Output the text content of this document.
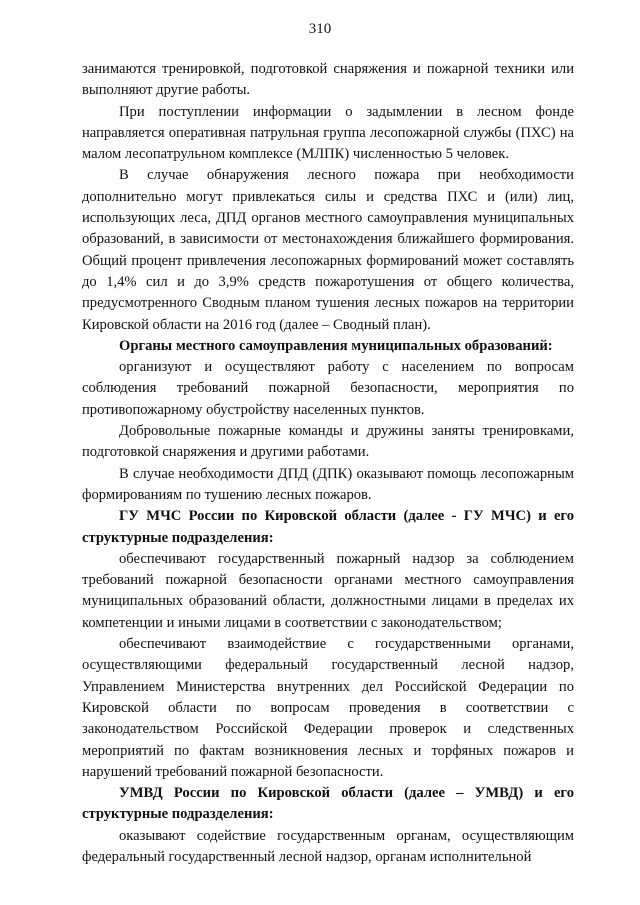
310

занимаются тренировкой, подготовкой снаряжения и пожарной техники или выполняют другие работы.

При поступлении информации о задымлении в лесном фонде направляется оперативная патрульная группа лесопожарной службы (ПХС) на малом лесопатрульном комплексе (МЛПК) численностью 5 человек.

В случае обнаружения лесного пожара при необходимости дополнительно могут привлекаться силы и средства ПХС и (или) лиц, использующих леса, ДПД органов местного самоуправления муниципальных образований, в зависимости от местонахождения ближайшего формирования. Общий процент привлечения лесопожарных формирований может составлять до 1,4% сил и до 3,9% средств пожаротушения от общего количества, предусмотренного Сводным планом тушения лесных пожаров на территории Кировской области на 2016 год (далее – Сводный план).

Органы местного самоуправления муниципальных образований:

организуют и осуществляют работу с населением по вопросам соблюдения требований пожарной безопасности, мероприятия по противопожарному обустройству населенных пунктов.

Добровольные пожарные команды и дружины заняты тренировками, подготовкой снаряжения и другими работами.

В случае необходимости ДПД (ДПК) оказывают помощь лесопожарным формированиям по тушению лесных пожаров.

ГУ МЧС России по Кировской области (далее - ГУ МЧС) и его структурные подразделения:

обеспечивают государственный пожарный надзор за соблюдением требований пожарной безопасности органами местного самоуправления муниципальных образований области, должностными лицами в пределах их компетенции и иными лицами в соответствии с законодательством;

обеспечивают взаимодействие с государственными органами, осуществляющими федеральный государственный лесной надзор, Управлением Министерства внутренних дел Российской Федерации по Кировской области по вопросам проведения в соответствии с законодательством Российской Федерации проверок и следственных мероприятий по фактам возникновения лесных и торфяных пожаров и нарушений требований пожарной безопасности.

УМВД России по Кировской области (далее – УМВД) и его структурные подразделения:

оказывают содействие государственным органам, осуществляющим федеральный государственный лесной надзор, органам исполнительной
